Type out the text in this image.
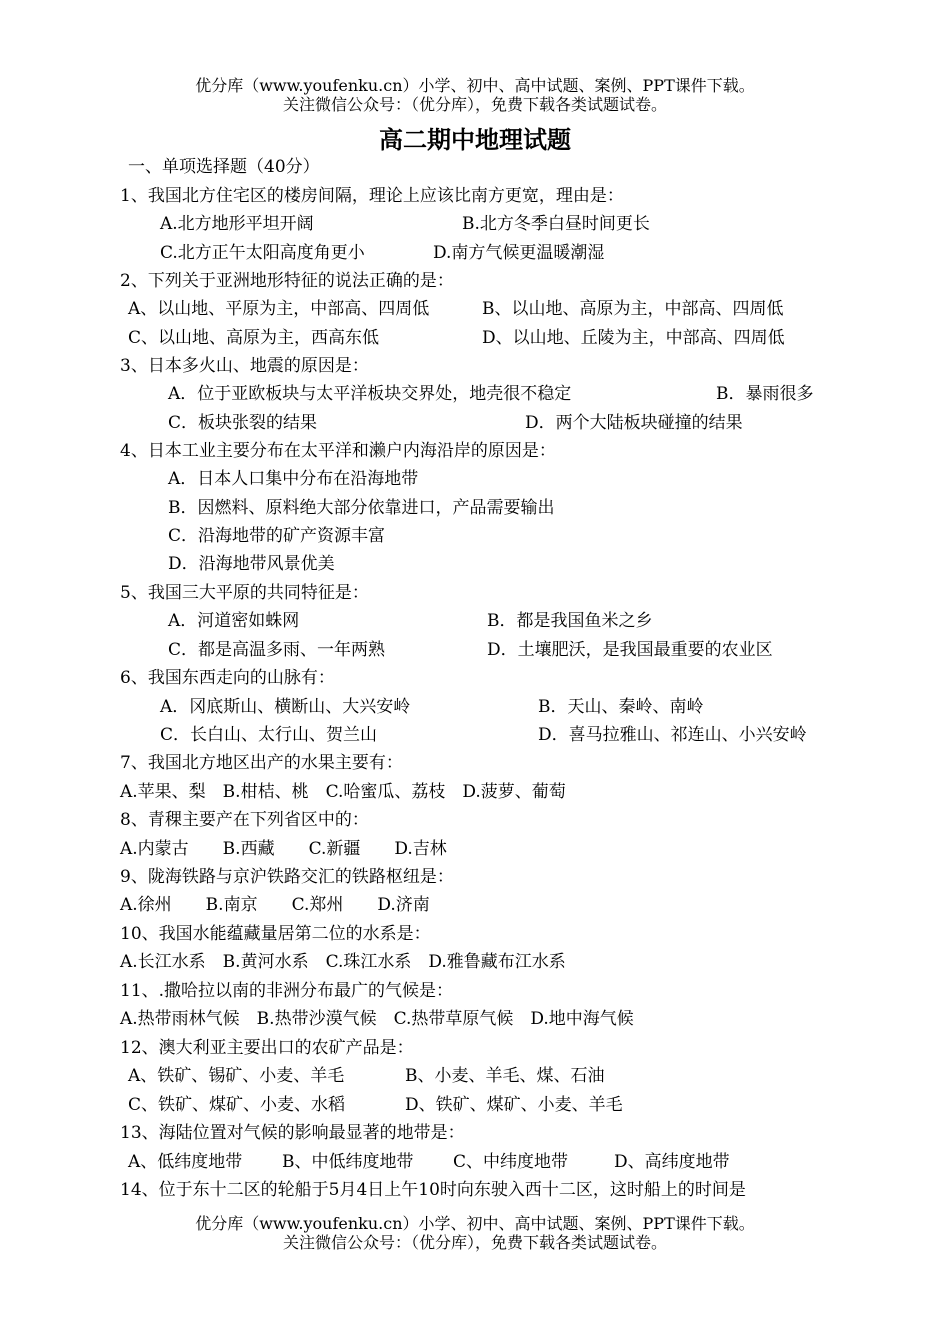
优分库（www.youfenku.cn）小学、初中、高中试题、案例、PPT课件下载。
关注微信公众号：（优分库），免费下载各类试题试卷。
高二期中地理试题
一、单项选择题（40分）
1、我国北方住宅区的楼房间隔，理论上应该比南方更宽，理由是：
A.北方地形平坦开阔	B.北方冬季白昼时间更长
C.北方正午太阳高度角更小	D.南方气候更温暖潮湿
2、下列关于亚洲地形特征的说法正确的是：
A、以山地、平原为主，中部高、四周低	B、以山地、高原为主，中部高、四周低
C、以山地、高原为主，西高东低	D、以山地、丘陵为主，中部高、四周低
3、日本多火山、地震的原因是：
A．位于亚欧板块与太平洋板块交界处，地壳很不稳定	B．暴雨很多
C．板块张裂的结果	D．两个大陆板块碰撞的结果
4、日本工业主要分布在太平洋和濑户内海沿岸的原因是：
A．日本人口集中分布在沿海地带
B．因燃料、原料绝大部分依靠进口，产品需要输出
C．沿海地带的矿产资源丰富
D．沿海地带风景优美
5、我国三大平原的共同特征是：
A．河道密如蛛网	B．都是我国鱼米之乡
C．都是高温多雨、一年两熟	D．土壤肥沃，是我国最重要的农业区
6、我国东西走向的山脉有：
A．冈底斯山、横断山、大兴安岭	B．天山、秦岭、南岭
C．长白山、太行山、贺兰山	D．喜马拉雅山、祁连山、小兴安岭
7、我国北方地区出产的水果主要有：
A.苹果、梨　B.柑桔、桃　C.哈蜜瓜、荔枝　D.菠萝、葡萄
8、青稞主要产在下列省区中的：
A.内蒙古　　B.西藏　　C.新疆　　D.吉林
9、陇海铁路与京沪铁路交汇的铁路枢纽是：
A.徐州　　B.南京　　C.郑州　　D.济南
10、我国水能蕴藏量居第二位的水系是：
A.长江水系　B.黄河水系　C.珠江水系　D.雅鲁藏布江水系
11、.撒哈拉以南的非洲分布最广的气候是：
A.热带雨林气候　B.热带沙漠气候　C.热带草原气候　D.地中海气候
12、澳大利亚主要出口的农矿产品是：
A、铁矿、锡矿、小麦、羊毛	B、小麦、羊毛、煤、石油
C、铁矿、煤矿、小麦、水稻	D、铁矿、煤矿、小麦、羊毛
13、海陆位置对气候的影响最显著的地带是：
A、低纬度地带 B、中低纬度地带 C、中纬度地带	D、高纬度地带
14、位于东十二区的轮船于5月4日上午10时向东驶入西十二区，这时船上的时间是
优分库（www.youfenku.cn）小学、初中、高中试题、案例、PPT课件下载。
关注微信公众号：（优分库），免费下载各类试题试卷。
